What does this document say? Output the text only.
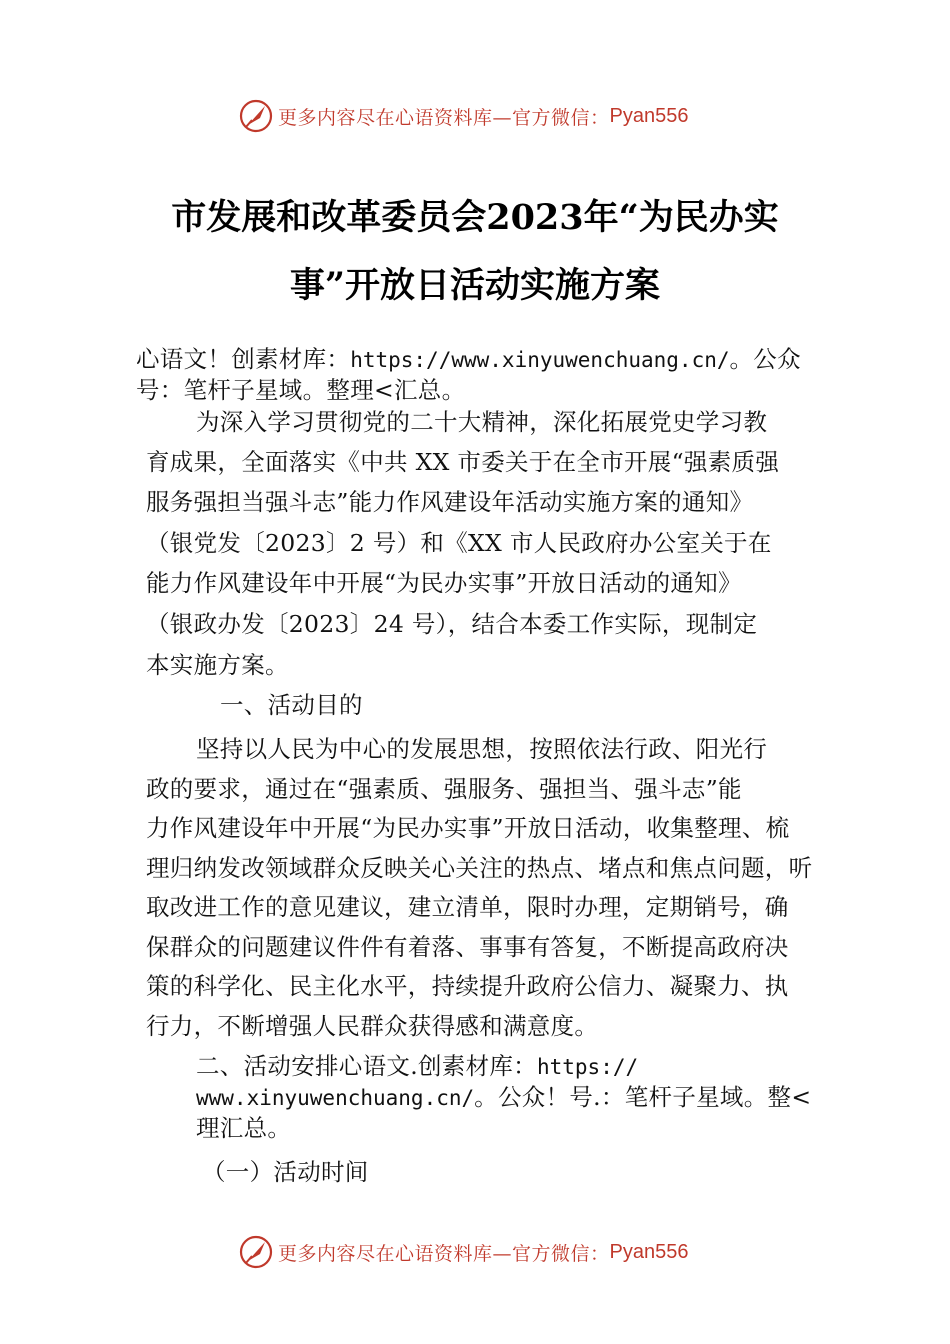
更多内容尽在心语资料库—官方微信： Pyan556
市发展和改革委员会2023年“为民办实
事”开放日活动实施方案
心语文！创素材库：https://www.xinyuwenchuang.cn/。公众
号：笔杆子星域。整理<汇总。
为深入学习贯彻党的二十大精神，深化拓展党史学习教
育成果，全面落实《中共 XX 市委关于在全市开展“强素质强
服务强担当强斗志”能力作风建设年活动实施方案的通知》
（银党发〔2023〕2 号）和《XX 市人民政府办公室关于在
能力作风建设年中开展“为民办实事”开放日活动的通知》
（银政办发〔2023〕24 号），结合本委工作实际，现制定
本实施方案。
一、活动目的
坚持以人民为中心的发展思想，按照依法行政、阳光行
政的要求，通过在“强素质、强服务、强担当、强斗志”能
力作风建设年中开展“为民办实事”开放日活动，收集整理、梳
理归纳发改领域群众反映关心关注的热点、堵点和焦点问题，听
取改进工作的意见建议，建立清单，限时办理，定期销号，确
保群众的问题建议件件有着落、事事有答复，不断提高政府决
策的科学化、民主化水平，持续提升政府公信力、凝聚力、执
行力，不断增强人民群众获得感和满意度。
二、活动安排心语文.创素材库：https://
www.xinyuwenchuang.cn/。公众！号.：笔杆子星域。整<
理汇总。
（一）活动时间
更多内容尽在心语资料库—官方微信： Pyan556
